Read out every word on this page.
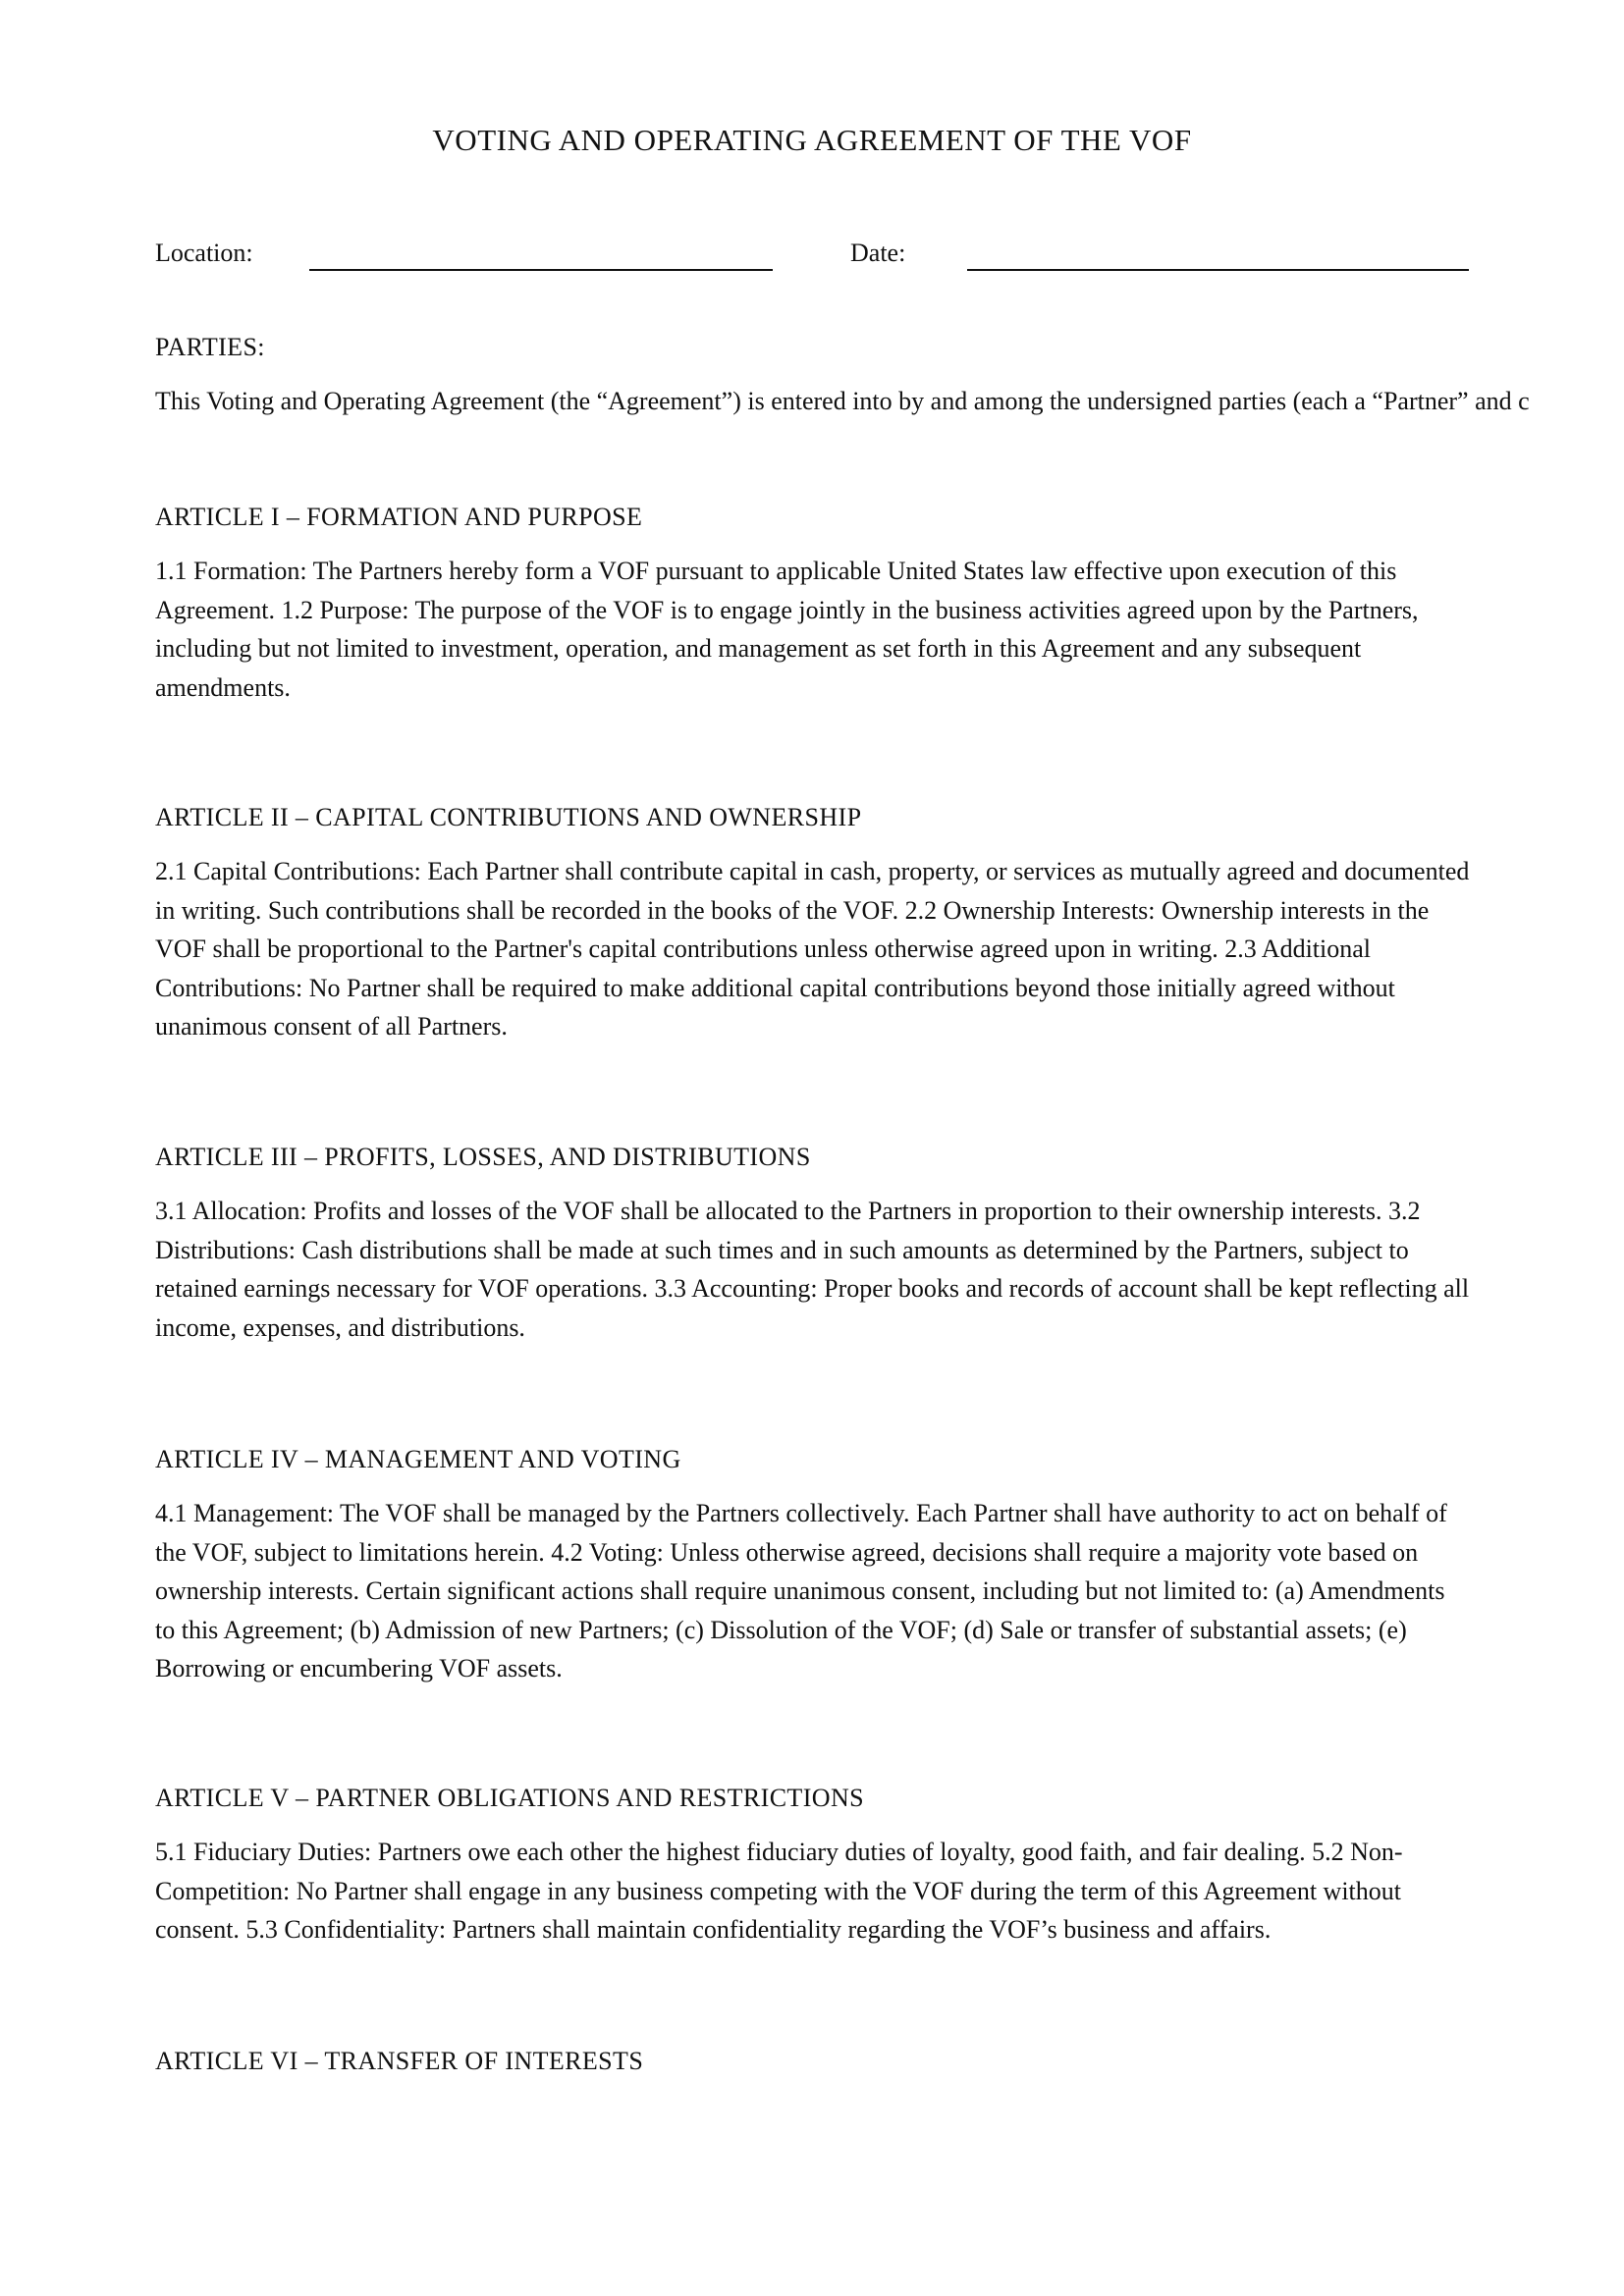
VOTING AND OPERATING AGREEMENT OF THE VOF
Location:	Date:
PARTIES:

This Voting and Operating Agreement (the “Agreement”) is entered into by and among the undersigned parties (each a “Partner” and c

ARTICLE I – FORMATION AND PURPOSE

1.1 Formation: The Partners hereby form a VOF pursuant to applicable United States law effective upon execution of this Agreement. 1.2 Purpose: The purpose of the VOF is to engage jointly in the business activities agreed upon by the Partners, including but not limited to investment, operation, and management as set forth in this Agreement and any subsequent amendments.

ARTICLE II – CAPITAL CONTRIBUTIONS AND OWNERSHIP

2.1 Capital Contributions: Each Partner shall contribute capital in cash, property, or services as mutually agreed and documented in writing. Such contributions shall be recorded in the books of the VOF. 2.2 Ownership Interests: Ownership interests in the VOF shall be proportional to the Partner's capital contributions unless otherwise agreed upon in writing. 2.3 Additional Contributions: No Partner shall be required to make additional capital contributions beyond those initially agreed without unanimous consent of all Partners.

ARTICLE III – PROFITS, LOSSES, AND DISTRIBUTIONS

3.1 Allocation: Profits and losses of the VOF shall be allocated to the Partners in proportion to their ownership interests. 3.2 Distributions: Cash distributions shall be made at such times and in such amounts as determined by the Partners, subject to retained earnings necessary for VOF operations. 3.3 Accounting: Proper books and records of account shall be kept reflecting all income, expenses, and distributions.

ARTICLE IV – MANAGEMENT AND VOTING

4.1 Management: The VOF shall be managed by the Partners collectively. Each Partner shall have authority to act on behalf of the VOF, subject to limitations herein. 4.2 Voting: Unless otherwise agreed, decisions shall require a majority vote based on ownership interests. Certain significant actions shall require unanimous consent, including but not limited to: (a) Amendments to this Agreement; (b) Admission of new Partners; (c) Dissolution of the VOF; (d) Sale or transfer of substantial assets; (e) Borrowing or encumbering VOF assets.

ARTICLE V – PARTNER OBLIGATIONS AND RESTRICTIONS

5.1 Fiduciary Duties: Partners owe each other the highest fiduciary duties of loyalty, good faith, and fair dealing. 5.2 Non-Competition: No Partner shall engage in any business competing with the VOF during the term of this Agreement without consent. 5.3 Confidentiality: Partners shall maintain confidentiality regarding the VOF’s business and affairs.

ARTICLE VI – TRANSFER OF INTERESTS
